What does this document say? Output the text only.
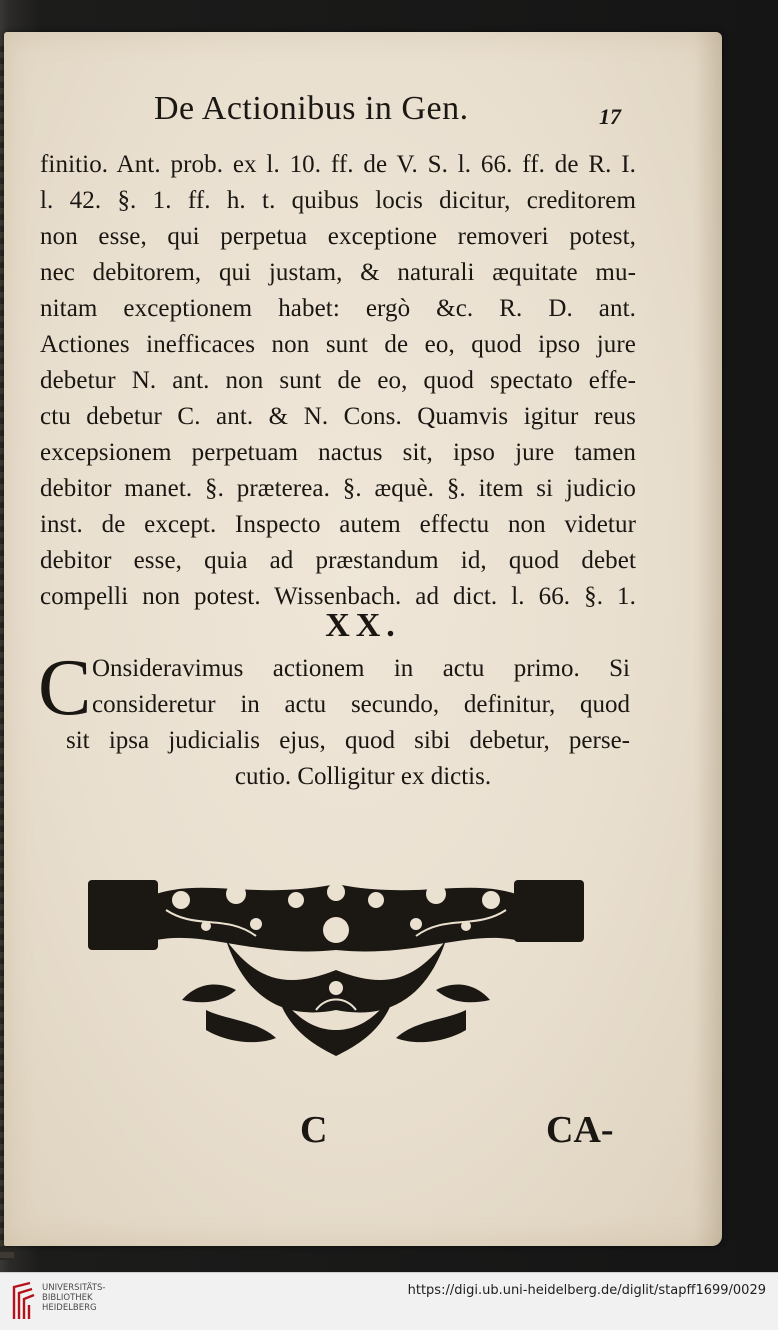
De Actionibus in Gen.	17
finitio. Ant. prob. ex l. 10. ff. de V. S. l. 66. ff. de R. I.
l. 42. §. 1. ff. h. t. quibus locis dicitur, creditorem
non esse, qui perpetua exceptione removeri potest,
nec debitorem, qui justam, & naturali æquitate mu-
nitam exceptionem habet: ergò &c. R. D. ant.
Actiones inefficaces non sunt de eo, quod ipso jure
debetur N. ant. non sunt de eo, quod spectato effe-
ctu debetur C. ant. & N. Cons. Quamvis igitur reus
excepsionem perpetuam nactus sit, ipso jure tamen
debitor manet. §. præterea. §. æquè. §. item si judicio
inst. de except. Inspecto autem effectu non videtur
debitor esse, quia ad præstandum id, quod debet
compelli non potest. Wissenbach. ad dict. l. 66. §. 1.
XX.
C Onsideravimus actionem in actu primo. Si
consideretur in actu secundo, definitur, quod
sit ipsa judicialis ejus, quod sibi debetur, perse-
cutio. Colligitur ex dictis.
C	CA-
UNIVERSITÄTS-
BIBLIOTHEK
HEIDELBERG
https://digi.ub.uni-heidelberg.de/diglit/stapff1699/0029
